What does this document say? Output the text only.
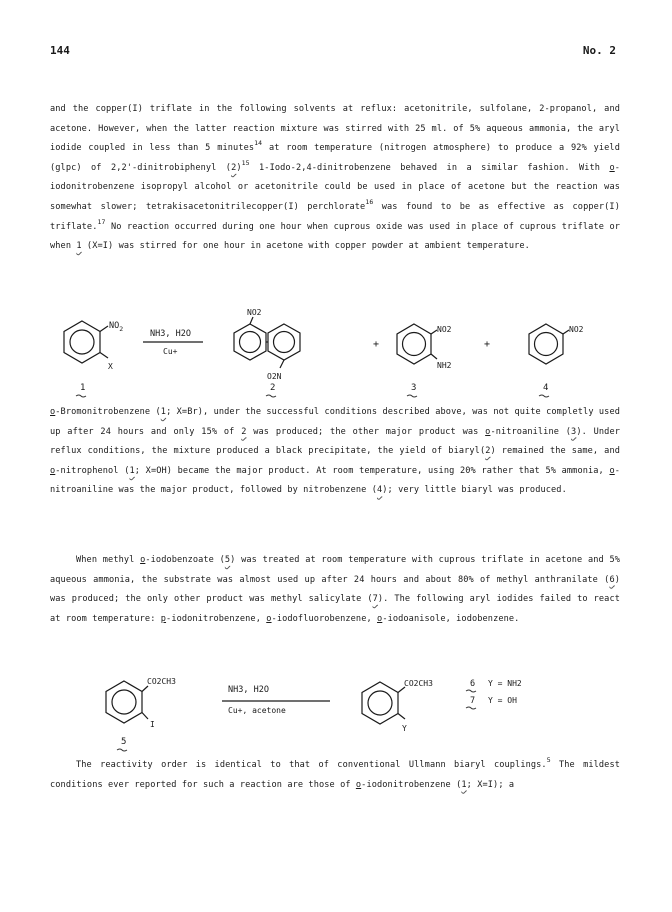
144	No. 2
and the copper(I) triflate in the following solvents at reflux: acetonitrile, sulfolane, 2-propanol, and acetone. However, when the latter reaction mixture was stirred with 25 ml. of 5% aqueous ammonia, the aryl iodide coupled in less than 5 minutes$^{14}$ at room temperature (nitrogen atmosphere) to produce a 92% yield (glpc) of 2,2'-dinitrobiphenyl $(2)^{15}$ 1-Iodo-2,4-dinitrobenzene behaved in a similar fashion. With o-iodonitrobenzene isopropyl alcohol or acetonitrile could be used in place of acetone but the reaction was somewhat slower; tetrakisacetonitrilecopper(I) perchlorate$^{16}$ was found to be as effective as copper(I) triflate.$^{17}$ No reaction occurred during one hour when cuprous oxide was used in place of cuprous triflate or when 1 (X=I) was stirred for one hour in acetone with copper powder at ambient temperature.
$NO_2$
X
NH3, H2O
Cu+
NO2
O2N
+
NO2
NH2
+
NO2
1	2	3	4
o-Bromonitrobenzene (1; X=Br), under the successful conditions described above, was not quite completly used up after 24 hours and only 15% of 2 was produced; the other major product was o-nitroaniline (3). Under reflux conditions, the mixture produced a black precipitate, the yield of biaryl(2) remained the same, and o-nitrophenol (1; X=OH) became the major product. At room temperature, using 20% rather that 5% ammonia, o-nitroaniline was the major product, followed by nitrobenzene (4); very little biaryl was produced.
When methyl o-iodobenzoate (5) was treated at room temperature with cuprous triflate in acetone and 5% aqueous ammonia, the substrate was almost used up after 24 hours and about 80% of methyl anthranilate (6) was produced; the only other product was methyl salicylate (7). The following aryl iodides failed to react at room temperature: p-iodonitrobenzene, o-iodofluorobenzene, o-iodoanisole, iodobenzene.
CO2CH3
I
NH3, H2O
Cu+, acetone
CO2CH3
Y
6 Y = NH2
7 Y = OH
5
The reactivity order is identical to that of conventional Ullmann biaryl couplings.$^5$ The mildest conditions ever reported for such a reaction are those of o-iodonitrobenzene (1; X=I); a
